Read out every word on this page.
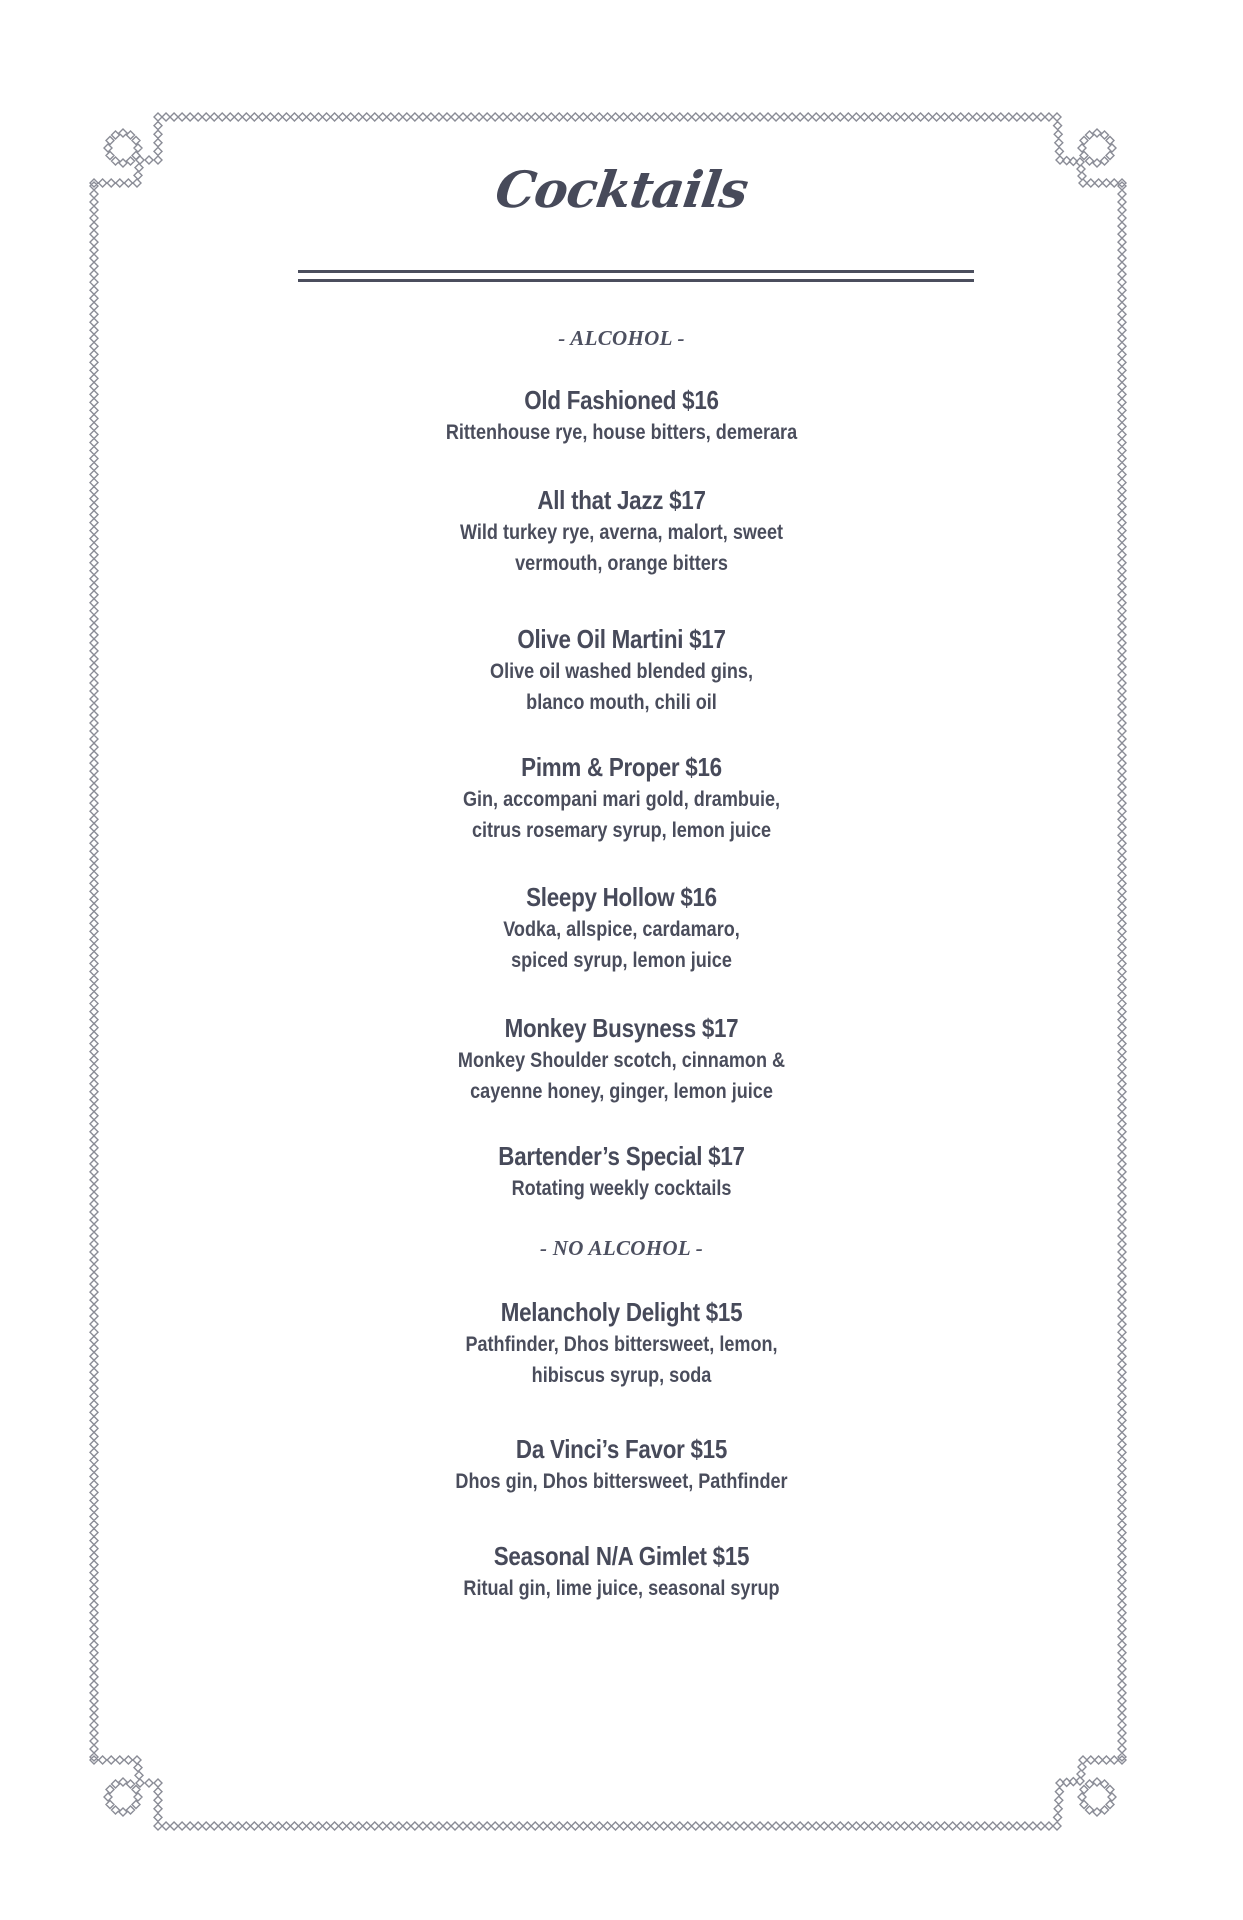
Cocktails
- ALCOHOL -
Old Fashioned $16
Rittenhouse rye, house bitters, demerara
All that Jazz $17
Wild turkey rye, averna, malort, sweet
vermouth, orange bitters
Olive Oil Martini $17
Olive oil washed blended gins,
blanco mouth, chili oil
Pimm & Proper $16
Gin, accompani mari gold, drambuie,
citrus rosemary syrup, lemon juice
Sleepy Hollow $16
Vodka, allspice, cardamaro,
spiced syrup, lemon juice
Monkey Busyness $17
Monkey Shoulder scotch, cinnamon &
cayenne honey, ginger, lemon juice
Bartender’s Special $17
Rotating weekly cocktails
- NO ALCOHOL -
Melancholy Delight $15
Pathfinder, Dhos bittersweet, lemon,
hibiscus syrup, soda
Da Vinci’s Favor $15
Dhos gin, Dhos bittersweet, Pathfinder
Seasonal N/A Gimlet $15
Ritual gin, lime juice, seasonal syrup
